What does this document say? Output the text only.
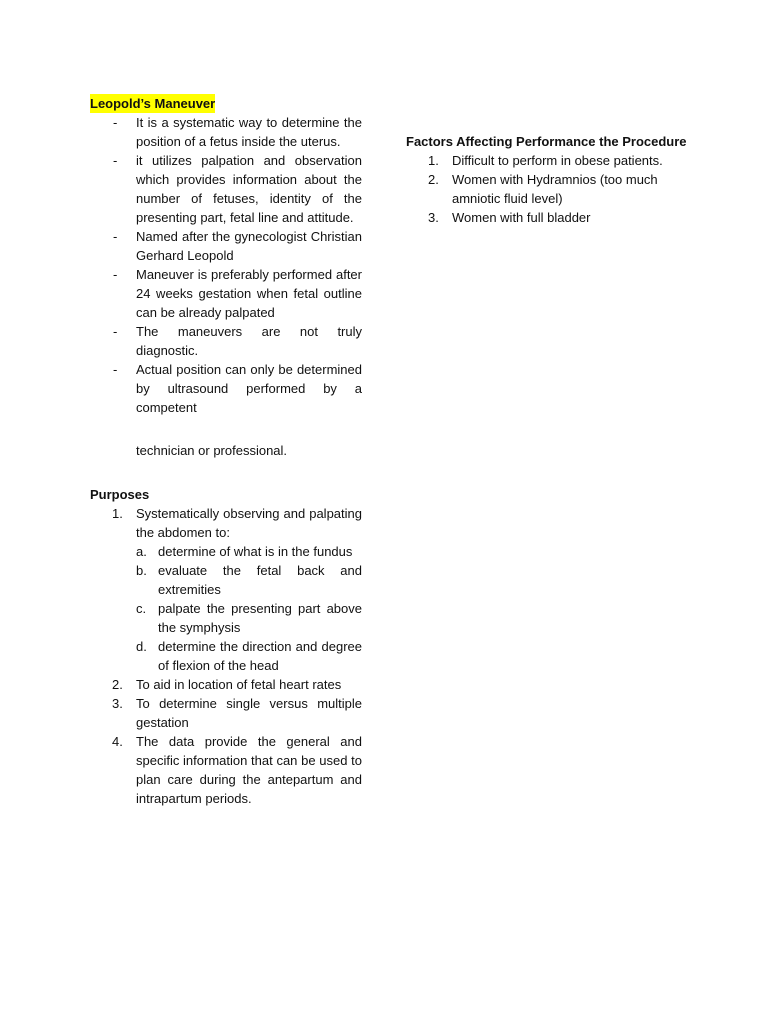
Leopold’s Maneuver

- It is a systematic way to determine the position of a fetus inside the uterus.
- it utilizes palpation and observation which provides information about the number of fetuses, identity of the presenting part, fetal line and attitude.
- Named after the gynecologist Christian Gerhard Leopold
- Maneuver is preferably performed after 24 weeks gestation when fetal outline can be already palpated
- The maneuvers are not truly diagnostic.
- Actual position can only be determined by ultrasound performed by a competent
technician or professional.

Purposes

1. Systematically observing and palpating the abdomen to:
a. determine of what is in the fundus
b. evaluate the fetal back and extremities
c. palpate the presenting part above the symphysis
d. determine the direction and degree of flexion of the head
2. To aid in location of fetal heart rates
3. To determine single versus multiple gestation
4. The data provide the general and specific information that can be used to plan care during the antepartum and intrapartum periods.

Factors Affecting Performance the Procedure

1. Difficult to perform in obese patients.
2. Women with Hydramnios (too much amniotic fluid level)
3. Women with full bladder
